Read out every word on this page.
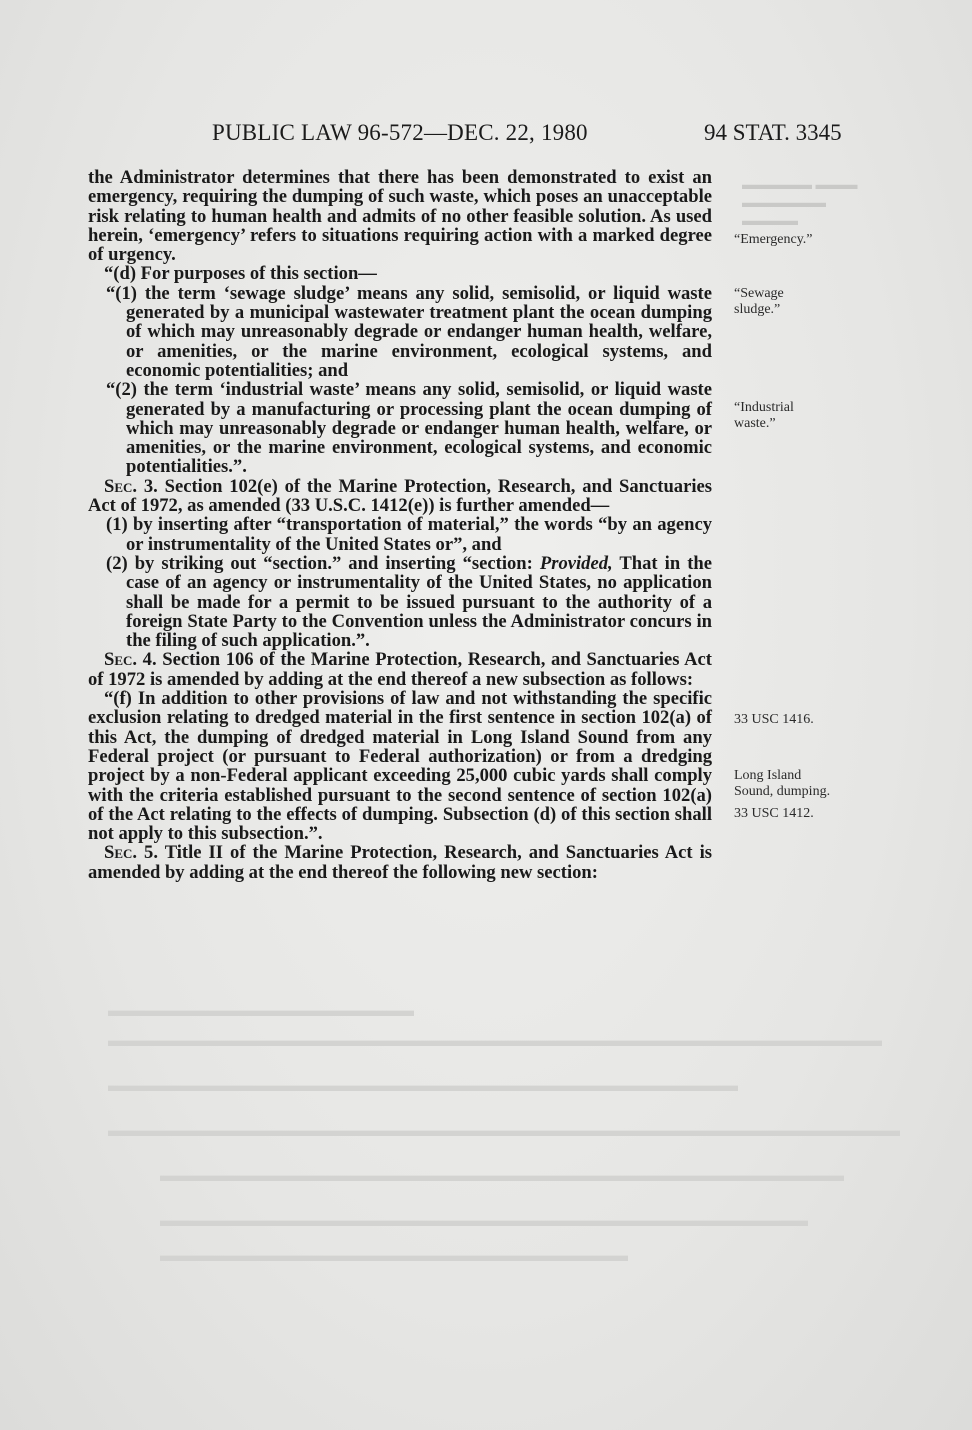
▬▬▬▬▬ ▬▬▬
▬▬▬▬▬▬
▬▬▬▬
▬▬▬▬▬▬▬▬▬▬▬▬▬▬▬▬▬
▬▬▬▬▬▬▬▬▬▬▬▬▬▬▬▬▬▬▬▬▬▬▬▬▬▬▬▬▬▬▬▬▬▬▬▬▬▬▬▬▬▬▬
▬▬▬▬▬▬▬▬▬▬▬▬▬▬▬▬▬▬▬▬▬▬▬▬▬▬▬▬▬▬▬▬▬▬▬
▬▬▬▬▬▬▬▬▬▬▬▬▬▬▬▬▬▬▬▬▬▬▬▬▬▬▬▬▬▬▬▬▬▬▬▬▬▬▬▬▬▬▬▬
▬▬▬▬▬▬▬▬▬▬▬▬▬▬▬▬▬▬▬▬▬▬▬▬▬▬▬▬▬▬▬▬▬▬▬▬▬▬
▬▬▬▬▬▬▬▬▬▬▬▬▬▬▬▬▬▬▬▬▬▬▬▬▬▬▬▬▬▬▬▬▬▬▬▬
▬▬▬▬▬▬▬▬▬▬▬▬▬▬▬▬▬▬▬▬▬▬▬▬▬▬
PUBLIC LAW 96-572—DEC. 22, 1980	94 STAT. 3345

the Administrator determines that there has been demonstrated to exist an emergency, requiring the dumping of such waste, which poses an unacceptable risk relating to human health and admits of no other feasible solution. As used herein, ‘emergency’ refers to situations requiring action with a marked degree of urgency.

“(d) For purposes of this section—

“(1) the term ‘sewage sludge’ means any solid, semisolid, or liquid waste generated by a municipal wastewater treatment plant the ocean dumping of which may unreasonably degrade or endanger human health, welfare, or amenities, or the marine environment, ecological systems, and economic potentialities; and

“(2) the term ‘industrial waste’ means any solid, semisolid, or liquid waste generated by a manufacturing or processing plant the ocean dumping of which may unreasonably degrade or endanger human health, welfare, or amenities, or the marine environment, ecological systems, and economic potentialities.”.

Sec. 3. Section 102(e) of the Marine Protection, Research, and Sanctuaries Act of 1972, as amended (33 U.S.C. 1412(e)) is further amended—

(1) by inserting after “transportation of material,” the words “by an agency or instrumentality of the United States or”, and

(2) by striking out “section.” and inserting “section: Provided, That in the case of an agency or instrumentality of the United States, no application shall be made for a permit to be issued pursuant to the authority of a foreign State Party to the Convention unless the Administrator concurs in the filing of such application.”.

Sec. 4. Section 106 of the Marine Protection, Research, and Sanctuaries Act of 1972 is amended by adding at the end thereof a new subsection as follows:

“(f) In addition to other provisions of law and not withstanding the specific exclusion relating to dredged material in the first sentence in section 102(a) of this Act, the dumping of dredged material in Long Island Sound from any Federal project (or pursuant to Federal authorization) or from a dredging project by a non-Federal applicant exceeding 25,000 cubic yards shall comply with the criteria established pursuant to the second sentence of section 102(a) of the Act relating to the effects of dumping. Subsection (d) of this section shall not apply to this subsection.”.

Sec. 5. Title II of the Marine Protection, Research, and Sanctuaries Act is amended by adding at the end thereof the following new section:

“Emergency.”
“Sewage
sludge.”
“Industrial
waste.”
33 USC 1416.
Long Island
Sound, dumping.
33 USC 1412.
